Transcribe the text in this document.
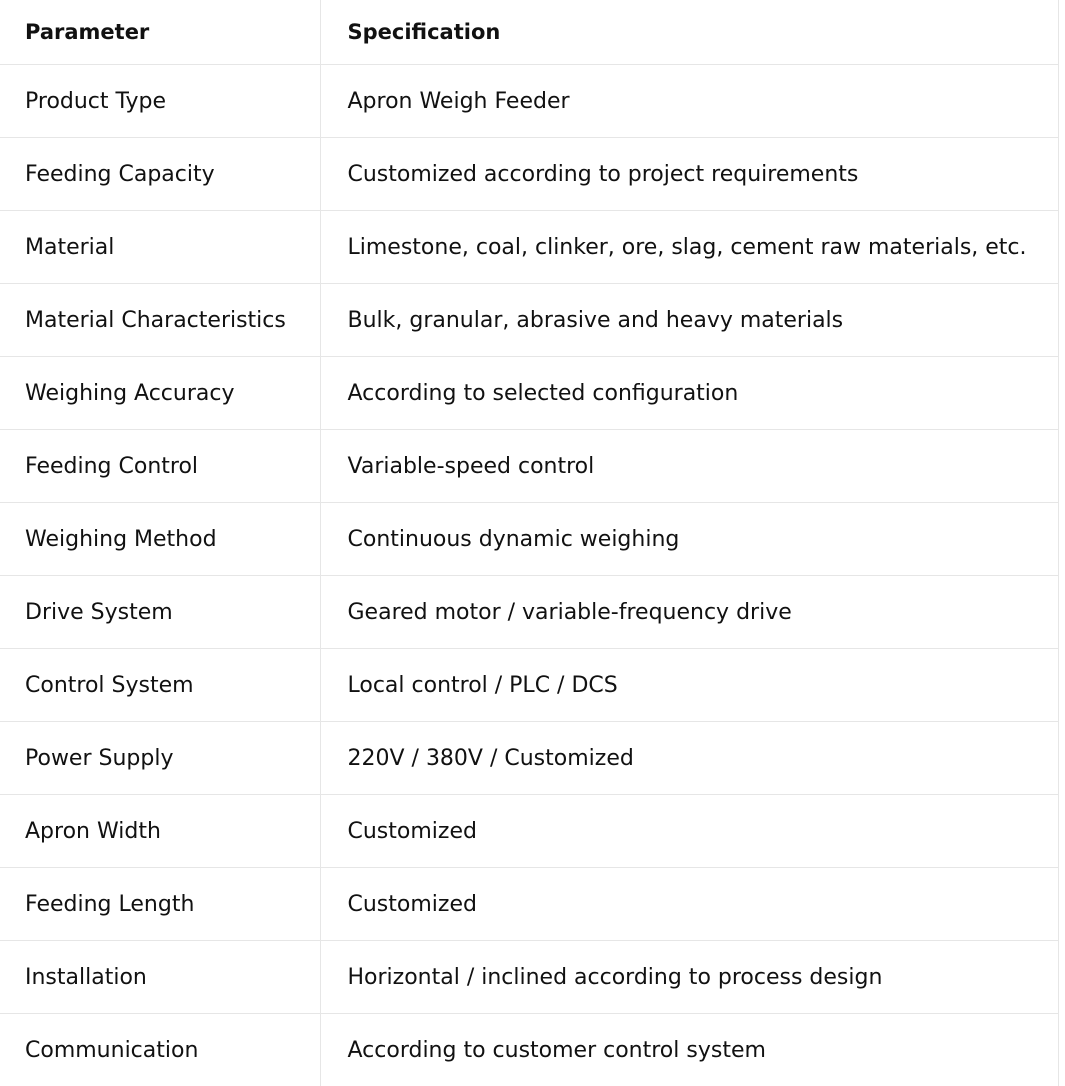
Parameter	Specification
Product Type	Apron Weigh Feeder
Feeding Capacity	Customized according to project requirements
Material	Limestone, coal, clinker, ore, slag, cement raw materials, etc.
Material Characteristics	Bulk, granular, abrasive and heavy materials
Weighing Accuracy	According to selected configuration
Feeding Control	Variable-speed control
Weighing Method	Continuous dynamic weighing
Drive System	Geared motor / variable-frequency drive
Control System	Local control / PLC / DCS
Power Supply	220V / 380V / Customized
Apron Width	Customized
Feeding Length	Customized
Installation	Horizontal / inclined according to process design
Communication	According to customer control system
